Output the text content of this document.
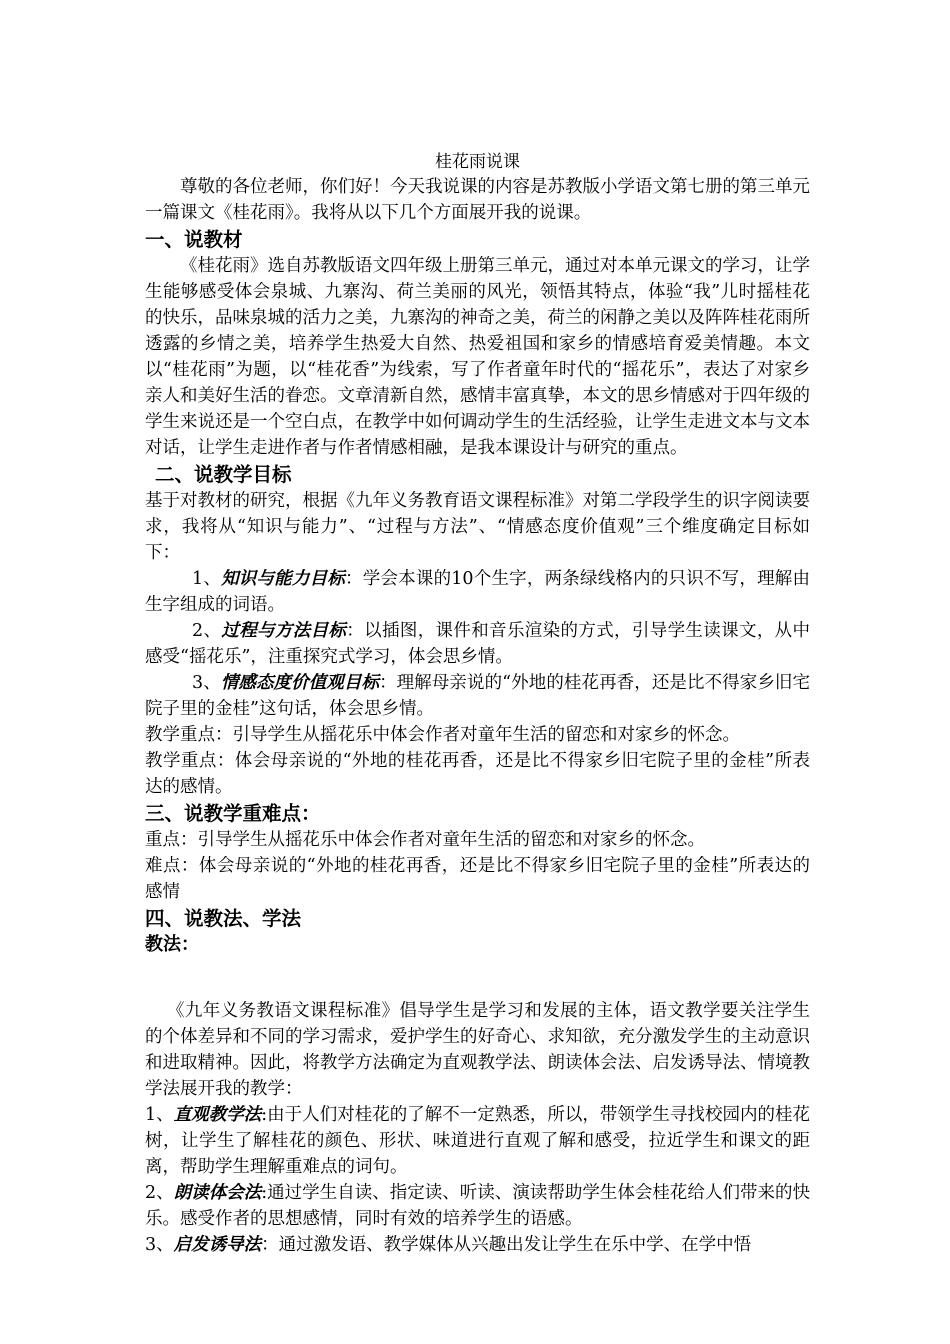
桂花雨说课

尊敬的各位老师，你们好！今天我说课的内容是苏教版小学语文第七册的第三单元一篇课文《桂花雨》。我将从以下几个方面展开我的说课。

一、说教材

《桂花雨》选自苏教版语文四年级上册第三单元，通过对本单元课文的学习，让学生能够感受体会泉城、九寨沟、荷兰美丽的风光，领悟其特点，体验“我”儿时摇桂花的快乐，品味泉城的活力之美，九寨沟的神奇之美，荷兰的闲静之美以及阵阵桂花雨所透露的乡情之美，培养学生热爱大自然、热爱祖国和家乡的情感培育爱美情趣。本文以“桂花雨”为题，以“桂花香”为线索，写了作者童年时代的“摇花乐”，表达了对家乡亲人和美好生活的眷恋。文章清新自然，感情丰富真挚，本文的思乡情感对于四年级的学生来说还是一个空白点，在教学中如何调动学生的生活经验，让学生走进文本与文本对话，让学生走进作者与作者情感相融，是我本课设计与研究的重点。

二、说教学目标

基于对教材的研究，根据《九年义务教育语文课程标准》对第二学段学生的识字阅读要求，我将从“知识与能力”、“过程与方法”、“情感态度价值观”三个维度确定目标如下：

1、知识与能力目标：学会本课的10个生字，两条绿线格内的只识不写，理解由生字组成的词语。

2、过程与方法目标：以插图，课件和音乐渲染的方式，引导学生读课文，从中感受“摇花乐”，注重探究式学习，体会思乡情。

3、情感态度价值观目标：理解母亲说的“外地的桂花再香，还是比不得家乡旧宅院子里的金桂”这句话，体会思乡情。

教学重点：引导学生从摇花乐中体会作者对童年生活的留恋和对家乡的怀念。

教学重点：体会母亲说的“外地的桂花再香，还是比不得家乡旧宅院子里的金桂”所表达的感情。

三、说教学重难点：

重点：引导学生从摇花乐中体会作者对童年生活的留恋和对家乡的怀念。

难点：体会母亲说的“外地的桂花再香，还是比不得家乡旧宅院子里的金桂”所表达的感情

四、说教法、学法

教法：

《九年义务教语文课程标准》倡导学生是学习和发展的主体，语文教学要关注学生的个体差异和不同的学习需求，爱护学生的好奇心、求知欲，充分激发学生的主动意识和进取精神。因此，将教学方法确定为直观教学法、朗读体会法、启发诱导法、情境教学法展开我的教学：

1、直观教学法:由于人们对桂花的了解不一定熟悉，所以，带领学生寻找校园内的桂花树，让学生了解桂花的颜色、形状、味道进行直观了解和感受，拉近学生和课文的距离，帮助学生理解重难点的词句。

2、朗读体会法:通过学生自读、指定读、听读、演读帮助学生体会桂花给人们带来的快乐。感受作者的思想感情，同时有效的培养学生的语感。

3、启发诱导法：通过激发语、教学媒体从兴趣出发让学生在乐中学、在学中悟
